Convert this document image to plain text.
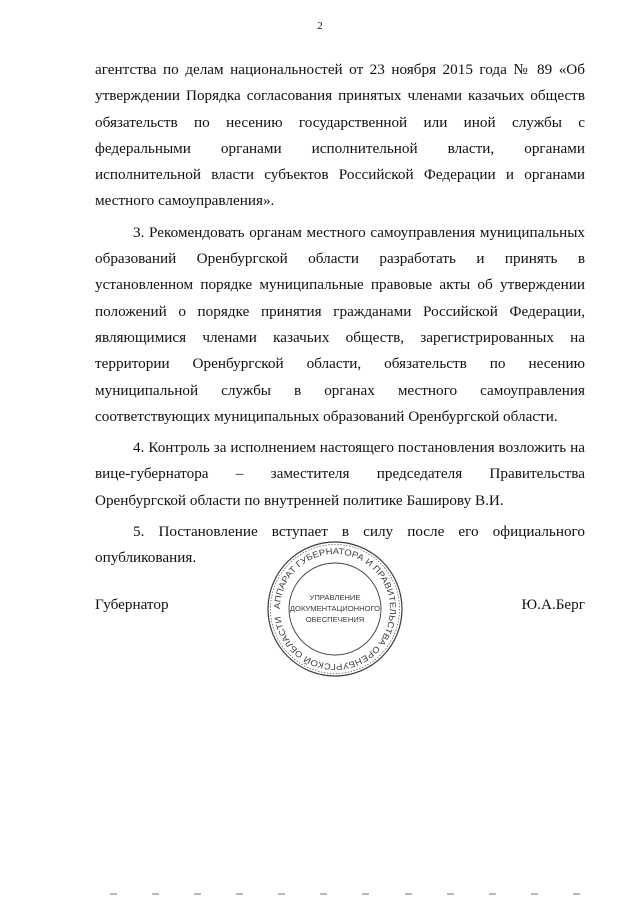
2

агентства по делам национальностей от 23 ноября 2015 года № 89 «Об утверждении Порядка согласования принятых членами казачьих обществ обязательств по несению государственной или иной службы с федеральными органами исполнительной власти, органами исполнительной власти субъектов Российской Федерации и органами местного самоуправления».

3. Рекомендовать органам местного самоуправления муниципальных образований Оренбургской области разработать и принять в установленном порядке муниципальные правовые акты об утверждении положений о порядке принятия гражданами Российской Федерации, являющимися членами казачьих обществ, зарегистрированных на территории Оренбургской области, обязательств по несению муниципальной службы в органах местного самоуправления соответствующих муниципальных образований Оренбургской области.

4. Контроль за исполнением настоящего постановления возложить на вице-губернатора – заместителя председателя Правительства Оренбургской области по внутренней политике Баширову В.И.

5. Постановление вступает в силу после его официального опубликования.

АППАРАТ ГУБЕРНАТОРА И ПРАВИТЕЛЬСТВА ОРЕНБУРГСКОЙ ОБЛАСТИ
УПРАВЛЕНИЕ
ДОКУМЕНТАЦИОННОГО
ОБЕСПЕЧЕНИЯ
Губернатор	Ю.А.Берг
